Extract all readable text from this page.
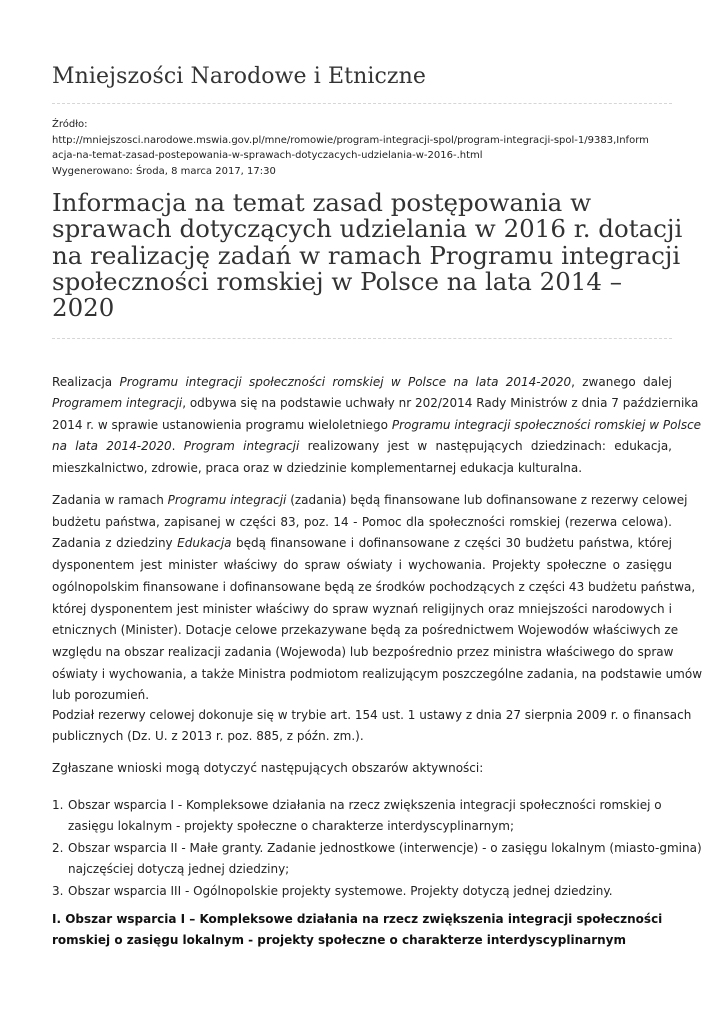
Mniejszości Narodowe i Etniczne
Źródło:
http://mniejszosci.narodowe.mswia.gov.pl/mne/romowie/program-integracji-spol/program-integracji-spol-1/9383,Inform
acja-na-temat-zasad-postepowania-w-sprawach-dotyczacych-udzielania-w-2016-.html
Wygenerowano: Środa, 8 marca 2017, 17:30
Informacja na temat zasad postępowania w
sprawach dotyczących udzielania w 2016 r. dotacji
na realizację zadań w ramach Programu integracji
społeczności romskiej w Polsce na lata 2014 –
2020
Realizacja Programu integracji społeczności romskiej w Polsce na lata 2014-2020, zwanego dalej
Programem integracji, odbywa się na podstawie uchwały nr 202/2014 Rady Ministrów z dnia 7 października
2014 r. w sprawie ustanowienia programu wieloletniego Programu integracji społeczności romskiej w Polsce
na lata 2014-2020. Program integracji realizowany jest w następujących dziedzinach: edukacja,
mieszkalnictwo, zdrowie, praca oraz w dziedzinie komplementarnej edukacja kulturalna.
Zadania w ramach Programu integracji (zadania) będą finansowane lub dofinansowane z rezerwy celowej
budżetu państwa, zapisanej w części 83, poz. 14 - Pomoc dla społeczności romskiej (rezerwa celowa).
Zadania z dziedziny Edukacja będą finansowane i dofinansowane z części 30 budżetu państwa, której
dysponentem jest minister właściwy do spraw oświaty i wychowania. Projekty społeczne o zasięgu
ogólnopolskim finansowane i dofinansowane będą ze środków pochodzących z części 43 budżetu państwa,
której dysponentem jest minister właściwy do spraw wyznań religijnych oraz mniejszości narodowych i
etnicznych (Minister). Dotacje celowe przekazywane będą za pośrednictwem Wojewodów właściwych ze
względu na obszar realizacji zadania (Wojewoda) lub bezpośrednio przez ministra właściwego do spraw
oświaty i wychowania, a także Ministra podmiotom realizującym poszczególne zadania, na podstawie umów
lub porozumień.
Podział rezerwy celowej dokonuje się w trybie art. 154 ust. 1 ustawy z dnia 27 sierpnia 2009 r. o finansach
publicznych (Dz. U. z 2013 r. poz. 885, z późn. zm.).
Zgłaszane wnioski mogą dotyczyć następujących obszarów aktywności:
1. Obszar wsparcia I - Kompleksowe działania na rzecz zwiększenia integracji społeczności romskiej o
zasięgu lokalnym - projekty społeczne o charakterze interdyscyplinarnym;
2. Obszar wsparcia II - Małe granty. Zadanie jednostkowe (interwencje) - o zasięgu lokalnym (miasto-gmina)
najczęściej dotyczą jednej dziedziny;
3. Obszar wsparcia III - Ogólnopolskie projekty systemowe. Projekty dotyczą jednej dziedziny.
I. Obszar wsparcia I – Kompleksowe działania na rzecz zwiększenia integracji społeczności
romskiej o zasięgu lokalnym - projekty społeczne o charakterze interdyscyplinarnym
